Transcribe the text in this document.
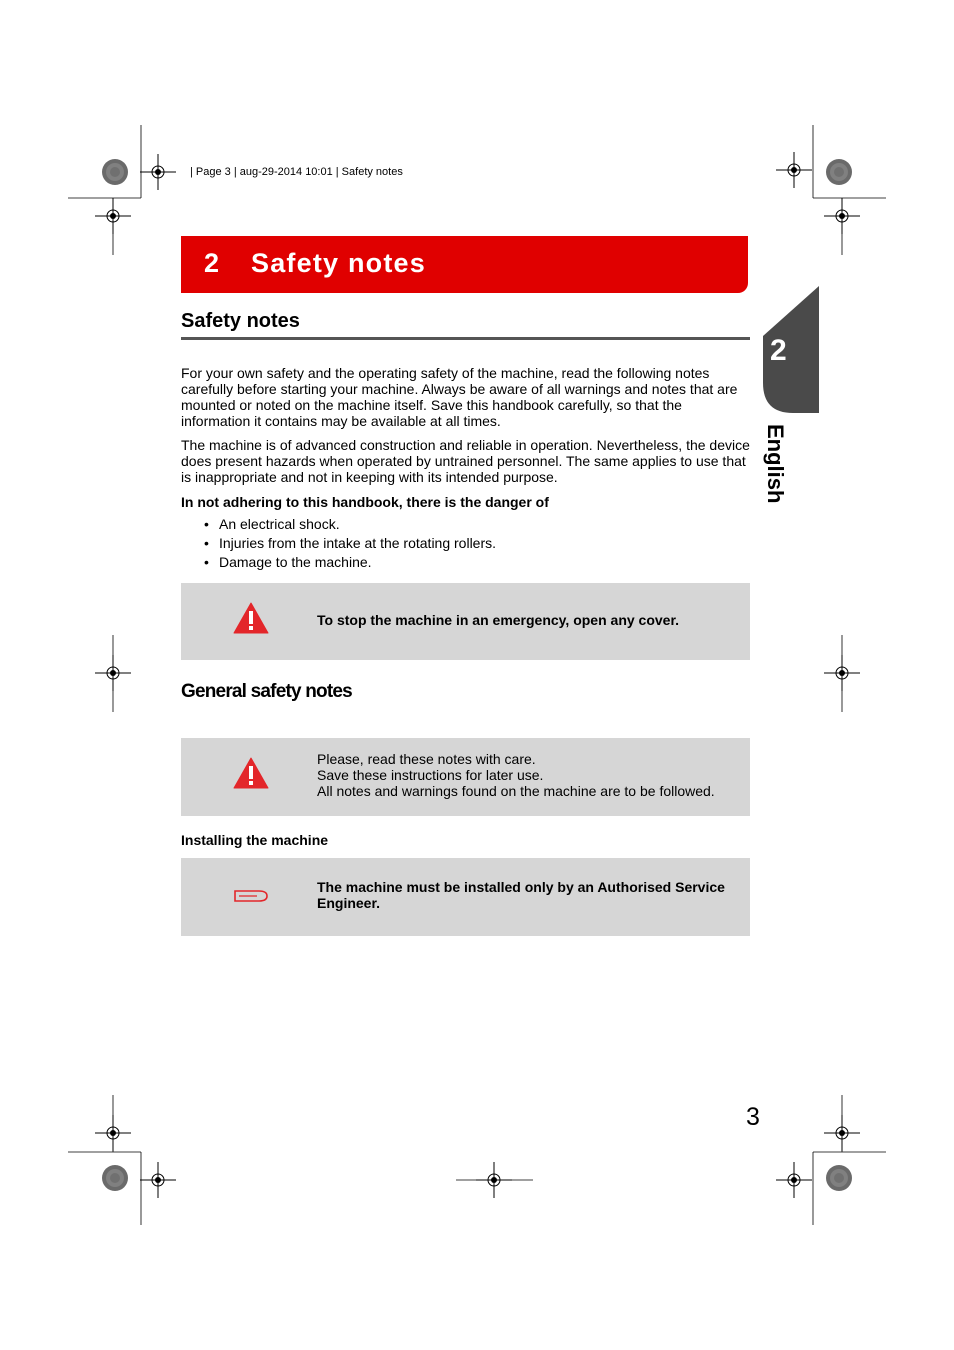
| Page 3 | aug-29-2014 10:01 | Safety notes
2 Safety notes
2
English
Safety notes
For your own safety and the operating safety of the machine, read the following notes carefully before starting your machine. Always be aware of all warnings and notes that are mounted or noted on the machine itself. Save this handbook carefully, so that the information it contains may be available at all times.
The machine is of advanced construction and reliable in operation. Nevertheless, the device does present hazards when operated by untrained personnel. The same applies to use that is inappropriate and not in keeping with its intended purpose.
In not adhering to this handbook, there is the danger of
• An electrical shock.
• Injuries from the intake at the rotating rollers.
• Damage to the machine.
To stop the machine in an emergency, open any cover.
General safety notes
Please, read these notes with care.
Save these instructions for later use.
All notes and warnings found on the machine are to be followed.
Installing the machine
The machine must be installed only by an Authorised Service
Engineer.
3
